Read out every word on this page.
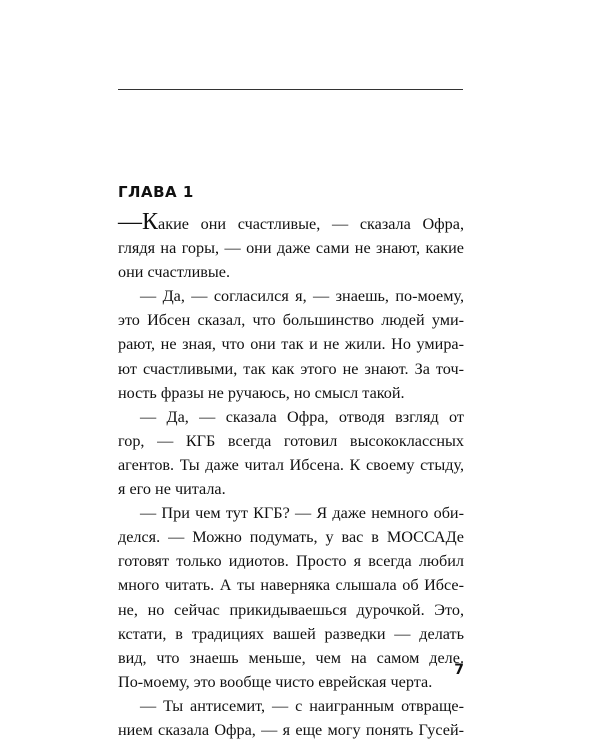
ГЛАВА 1
—Какие они счастливые, — сказала Офра,
глядя на горы, — они даже сами не знают, какие
они счастливые.
— Да, — согласился я, — знаешь, по-моему,
это Ибсен сказал, что большинство людей уми-
рают, не зная, что они так и не жили. Но умира-
ют счастливыми, так как этого не знают. За точ-
ность фразы не ручаюсь, но смысл такой.
— Да, — сказала Офра, отводя взгляд от
гор, — КГБ всегда готовил высококлассных
агентов. Ты даже читал Ибсена. К своему стыду,
я его не читала.
— При чем тут КГБ? — Я даже немного оби-
делся. — Можно подумать, у вас в МОССАДе
готовят только идиотов. Просто я всегда любил
много читать. А ты наверняка слышала об Ибсе-
не, но сейчас прикидываешься дурочкой. Это,
кстати, в традициях вашей разведки — делать
вид, что знаешь меньше, чем на самом деле.
По-моему, это вообще чисто еврейская черта.
— Ты антисемит, — с наигранным отвраще-
нием сказала Офра, — я еще могу понять Гусей-
7
